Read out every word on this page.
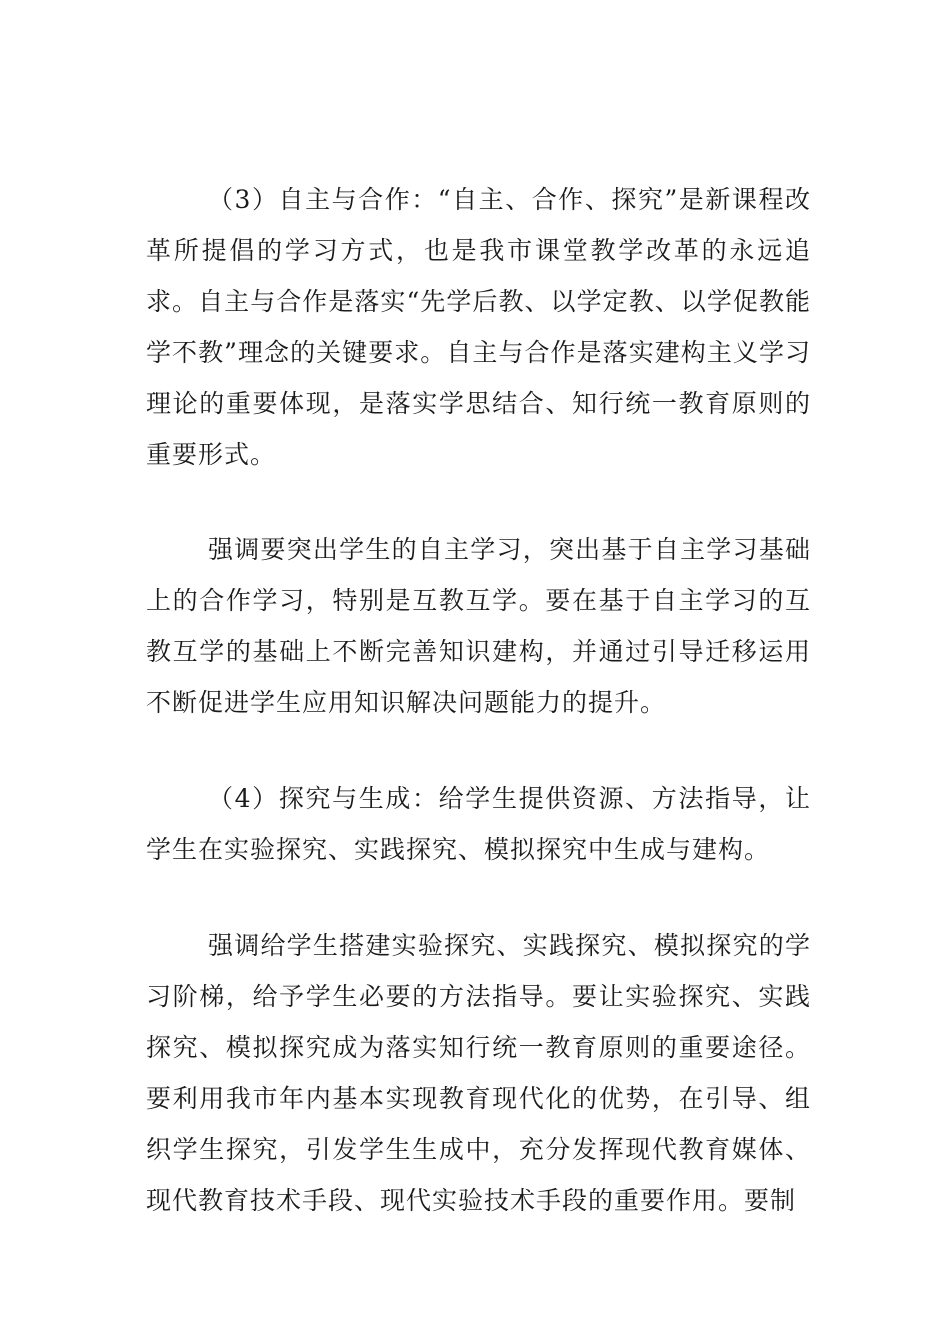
（3）自主与合作：“自主、合作、探究”是新课程改革所提倡的学习方式，也是我市课堂教学改革的永远追求。自主与合作是落实“先学后教、以学定教、以学促教能学不教”理念的关键要求。自主与合作是落实建构主义学习理论的重要体现，是落实学思结合、知行统一教育原则的重要形式。

强调要突出学生的自主学习，突出基于自主学习基础上的合作学习，特别是互教互学。要在基于自主学习的互教互学的基础上不断完善知识建构，并通过引导迁移运用不断促进学生应用知识解决问题能力的提升。

（4）探究与生成：给学生提供资源、方法指导，让学生在实验探究、实践探究、模拟探究中生成与建构。

强调给学生搭建实验探究、实践探究、模拟探究的学习阶梯，给予学生必要的方法指导。要让实验探究、实践探究、模拟探究成为落实知行统一教育原则的重要途径。要利用我市年内基本实现教育现代化的优势，在引导、组织学生探究，引发学生生成中，充分发挥现代教育媒体、现代教育技术手段、现代实验技术手段的重要作用。要制
